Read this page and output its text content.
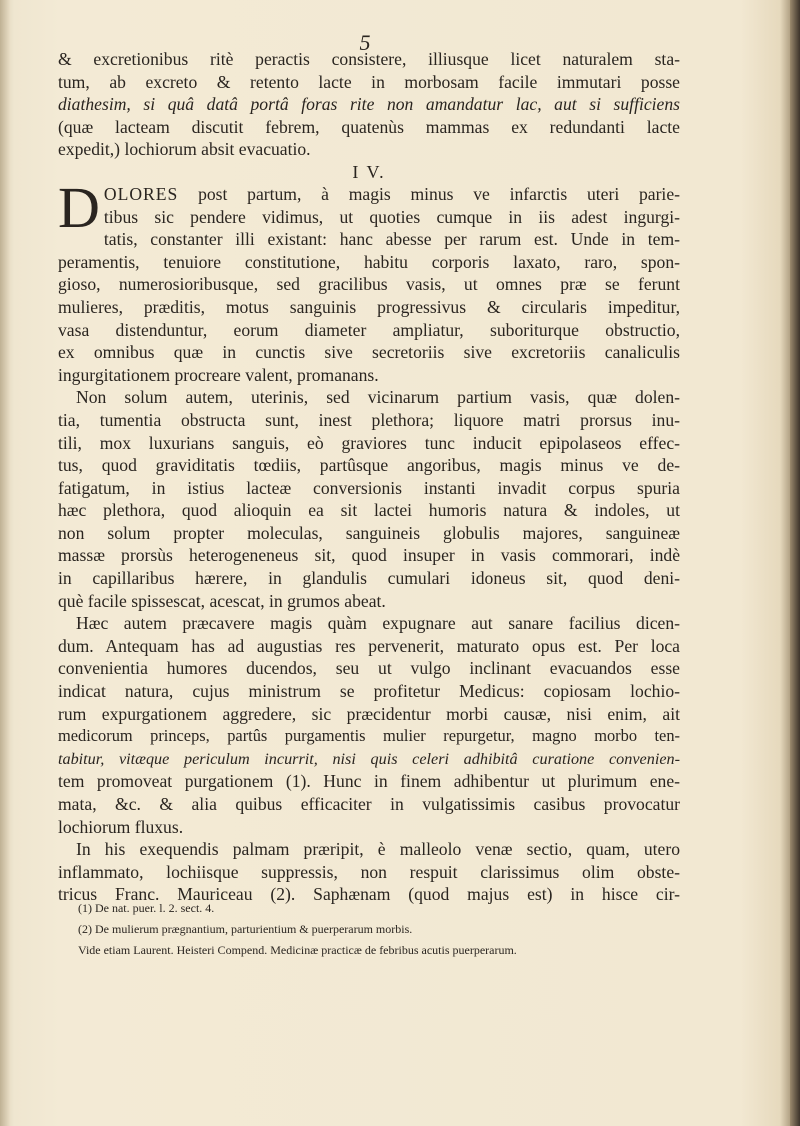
5
& excretionibus ritè peractis consistere, illiusque licet naturalem sta-
tum, ab excreto & retento lacte in morbosam facile immutari posse
diathesim, si quâ datâ portâ foras rite non amandatur lac, aut si sufficiens
(quæ lacteam discutit febrem, quatenùs mammas ex redundanti lacte
expedit,) lochiorum absit evacuatio.
I V.
D OLORES post partum, à magis minus ve infarctis uteri parie-
tibus sic pendere vidimus, ut quoties cumque in iis adest ingurgi-
tatis, constanter illi existant: hanc abesse per rarum est. Unde in tem-
peramentis, tenuiore constitutione, habitu corporis laxato, raro, spon-
gioso, numerosioribusque, sed gracilibus vasis, ut omnes præ se ferunt
mulieres, præditis, motus sanguinis progressivus & circularis impeditur,
vasa distenduntur, eorum diameter ampliatur, suboriturque obstructio,
ex omnibus quæ in cunctis sive secretoriis sive excretoriis canaliculis
ingurgitationem procreare valent, promanans.
Non solum autem, uterinis, sed vicinarum partium vasis, quæ dolen-
tia, tumentia obstructa sunt, inest plethora; liquore matri prorsus inu-
tili, mox luxurians sanguis, eò graviores tunc inducit epipolaseos effec-
tus, quod graviditatis tœdiis, partûsque angoribus, magis minus ve de-
fatigatum, in istius lacteæ conversionis instanti invadit corpus spuria
hæc plethora, quod alioquin ea sit lactei humoris natura & indoles, ut
non solum propter moleculas, sanguineis globulis majores, sanguineæ
massæ prorsùs heterogeneneus sit, quod insuper in vasis commorari, indè
in capillaribus hærere, in glandulis cumulari idoneus sit, quod deni-
què facile spissescat, acescat, in grumos abeat.
Hæc autem præcavere magis quàm expugnare aut sanare facilius dicen-
dum. Antequam has ad augustias res pervenerit, maturato opus est. Per loca
convenientia humores ducendos, seu ut vulgo inclinant evacuandos esse
indicat natura, cujus ministrum se profitetur Medicus: copiosam lochio-
rum expurgationem aggredere, sic præcidentur morbi causæ, nisi enim, ait
medicorum princeps, partûs purgamentis mulier repurgetur, magno morbo ten-
tabitur, vitæque periculum incurrit, nisi quis celeri adhibitâ curatione convenien-
tem promoveat purgationem (1). Hunc in finem adhibentur ut plurimum ene-
mata, &c. & alia quibus efficaciter in vulgatissimis casibus provocatur
lochiorum fluxus.
In his exequendis palmam præripit, è malleolo venæ sectio, quam, utero
inflammato, lochiisque suppressis, non respuit clarissimus olim obste-
tricus Franc. Mauriceau (2). Saphænam (quod majus est) in hisce cir-
(1) De nat. puer. l. 2. sect. 4.
(2) De mulierum prægnantium, parturientium & puerperarum morbis.
Vide etiam Laurent. Heisteri Compend. Medicinæ practicæ de febribus acutis puerperarum.
